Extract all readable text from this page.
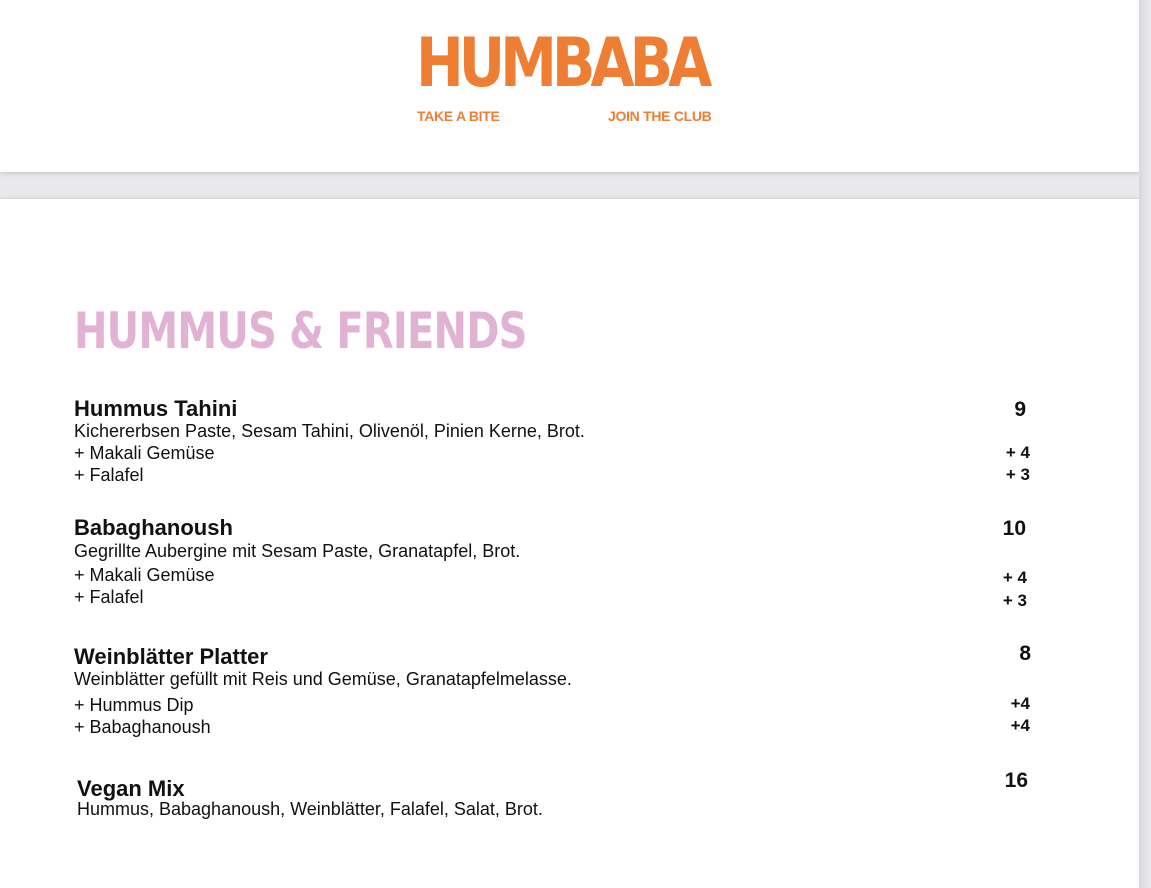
HUMBABA
TAKE A BITE	JOIN THE CLUB
HUMMUS & FRIENDS
Hummus Tahini	9
Kichererbsen Paste, Sesam Tahini, Olivenöl, Pinien Kerne, Brot.
+ Makali Gemüse	+ 4
+ Falafel	+ 3
Babaghanoush	10
Gegrillte Aubergine mit Sesam Paste, Granatapfel, Brot.
+ Makali Gemüse	+ 4
+ Falafel	+ 3
Weinblätter Platter	8
Weinblätter gefüllt mit Reis und Gemüse, Granatapfelmelasse.
+ Hummus Dip	+4
+ Babaghanoush	+4
Vegan Mix	16
Hummus, Babaghanoush, Weinblätter, Falafel, Salat, Brot.
